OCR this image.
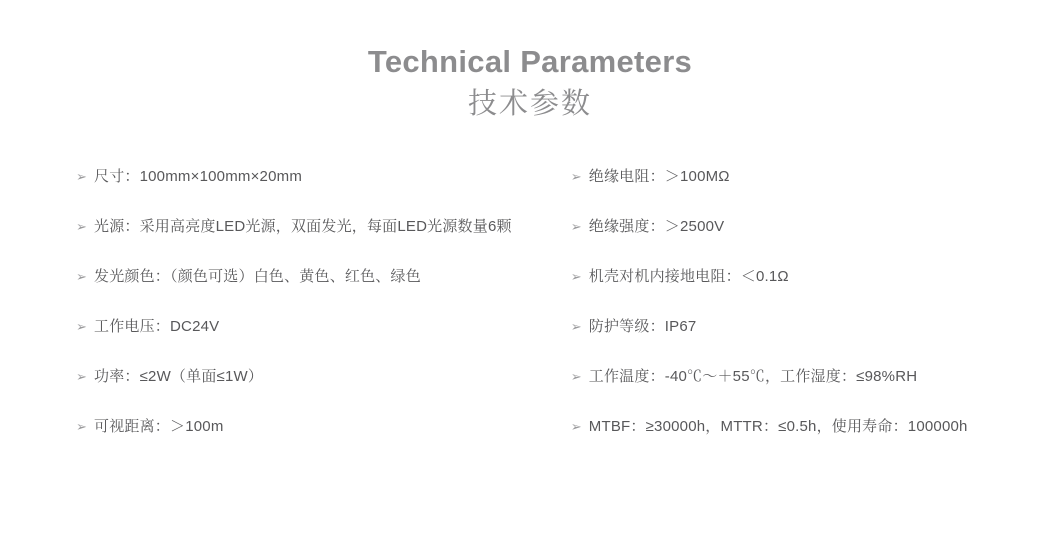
Technical Parameters
技术参数
➢ 尺寸：100mm×100mm×20mm
➢ 光源：采用高亮度LED光源，双面发光，每面LED光源数量6颗
➢ 发光颜色：（颜色可选）白色、黄色、红色、绿色
➢ 工作电压：DC24V
➢ 功率：≤2W（单面≤1W）
➢ 可视距离：＞100m
➢ 绝缘电阻：＞100MΩ
➢ 绝缘强度：＞2500V
➢ 机壳对机内接地电阻：＜0.1Ω
➢ 防护等级：IP67
➢ 工作温度：-40℃～＋55℃，工作湿度：≤98%RH
➢ MTBF：≥30000h，MTTR：≤0.5h，使用寿命：100000h
